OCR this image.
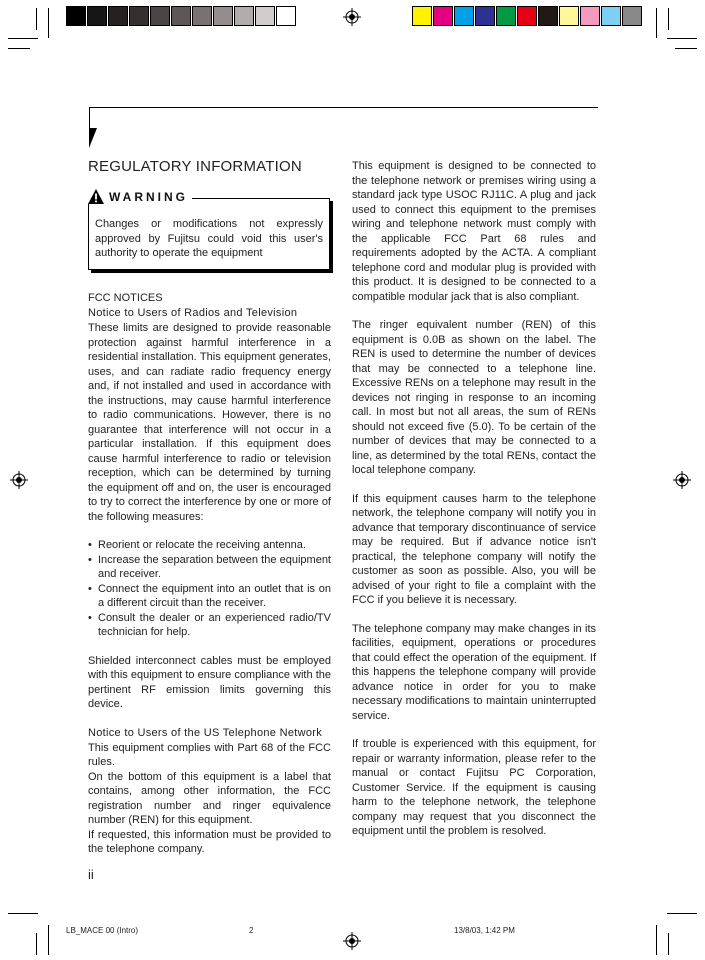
REGULATORY INFORMATION
WARNING
Changes or modifications not expressly approved by Fujitsu could void this user's authority to operate the equipment
FCC NOTICES
Notice to Users of Radios and Television

These limits are designed to provide reasonable protection against harmful interference in a residential installation. This equipment generates, uses, and can radiate radio frequency energy and, if not installed and used in accordance with the instructions, may cause harmful interference to radio communications. However, there is no guarantee that interference will not occur in a particular installation. If this equipment does cause harmful interference to radio or television reception, which can be determined by turning the equipment off and on, the user is encouraged to try to correct the interference by one or more of the following measures:

• Reorient or relocate the receiving antenna.
• Increase the separation between the equipment and receiver.
• Connect the equipment into an outlet that is on a different circuit than the receiver.
• Consult the dealer or an experienced radio/TV technician for help.

Shielded interconnect cables must be employed with this equipment to ensure compliance with the pertinent RF emission limits governing this device.

Notice to Users of the US Telephone Network

This equipment complies with Part 68 of the FCC rules.

On the bottom of this equipment is a label that contains, among other information, the FCC registration number and ringer equivalence number (REN) for this equipment.

If requested, this information must be provided to the telephone company.

This equipment is designed to be connected to the telephone network or premises wiring using a standard jack type USOC RJ11C. A plug and jack used to connect this equipment to the premises wiring and telephone network must comply with the applicable FCC Part 68 rules and requirements adopted by the ACTA. A compliant telephone cord and modular plug is provided with this product. It is designed to be connected to a compatible modular jack that is also compliant.

The ringer equivalent number (REN) of this equipment is 0.0B as shown on the label. The REN is used to determine the number of devices that may be connected to a telephone line. Excessive RENs on a telephone may result in the devices not ringing in response to an incoming call. In most but not all areas, the sum of RENs should not exceed five (5.0). To be certain of the number of devices that may be connected to a line, as determined by the total RENs, contact the local telephone company.

If this equipment causes harm to the telephone network, the telephone company will notify you in advance that temporary discontinuance of service may be required. But if advance notice isn't practical, the telephone company will notify the customer as soon as possible. Also, you will be advised of your right to file a complaint with the FCC if you believe it is necessary.

The telephone company may make changes in its facilities, equipment, operations or procedures that could effect the operation of the equipment. If this happens the telephone company will provide advance notice in order for you to make necessary modifications to maintain uninterrupted service.

If trouble is experienced with this equipment, for repair or warranty information, please refer to the manual or contact Fujitsu PC Corporation, Customer Service. If the equipment is causing harm to the telephone network, the telephone company may request that you disconnect the equipment until the problem is resolved.

ii
LB_MACE 00 (Intro)	2	13/8/03, 1:42 PM
